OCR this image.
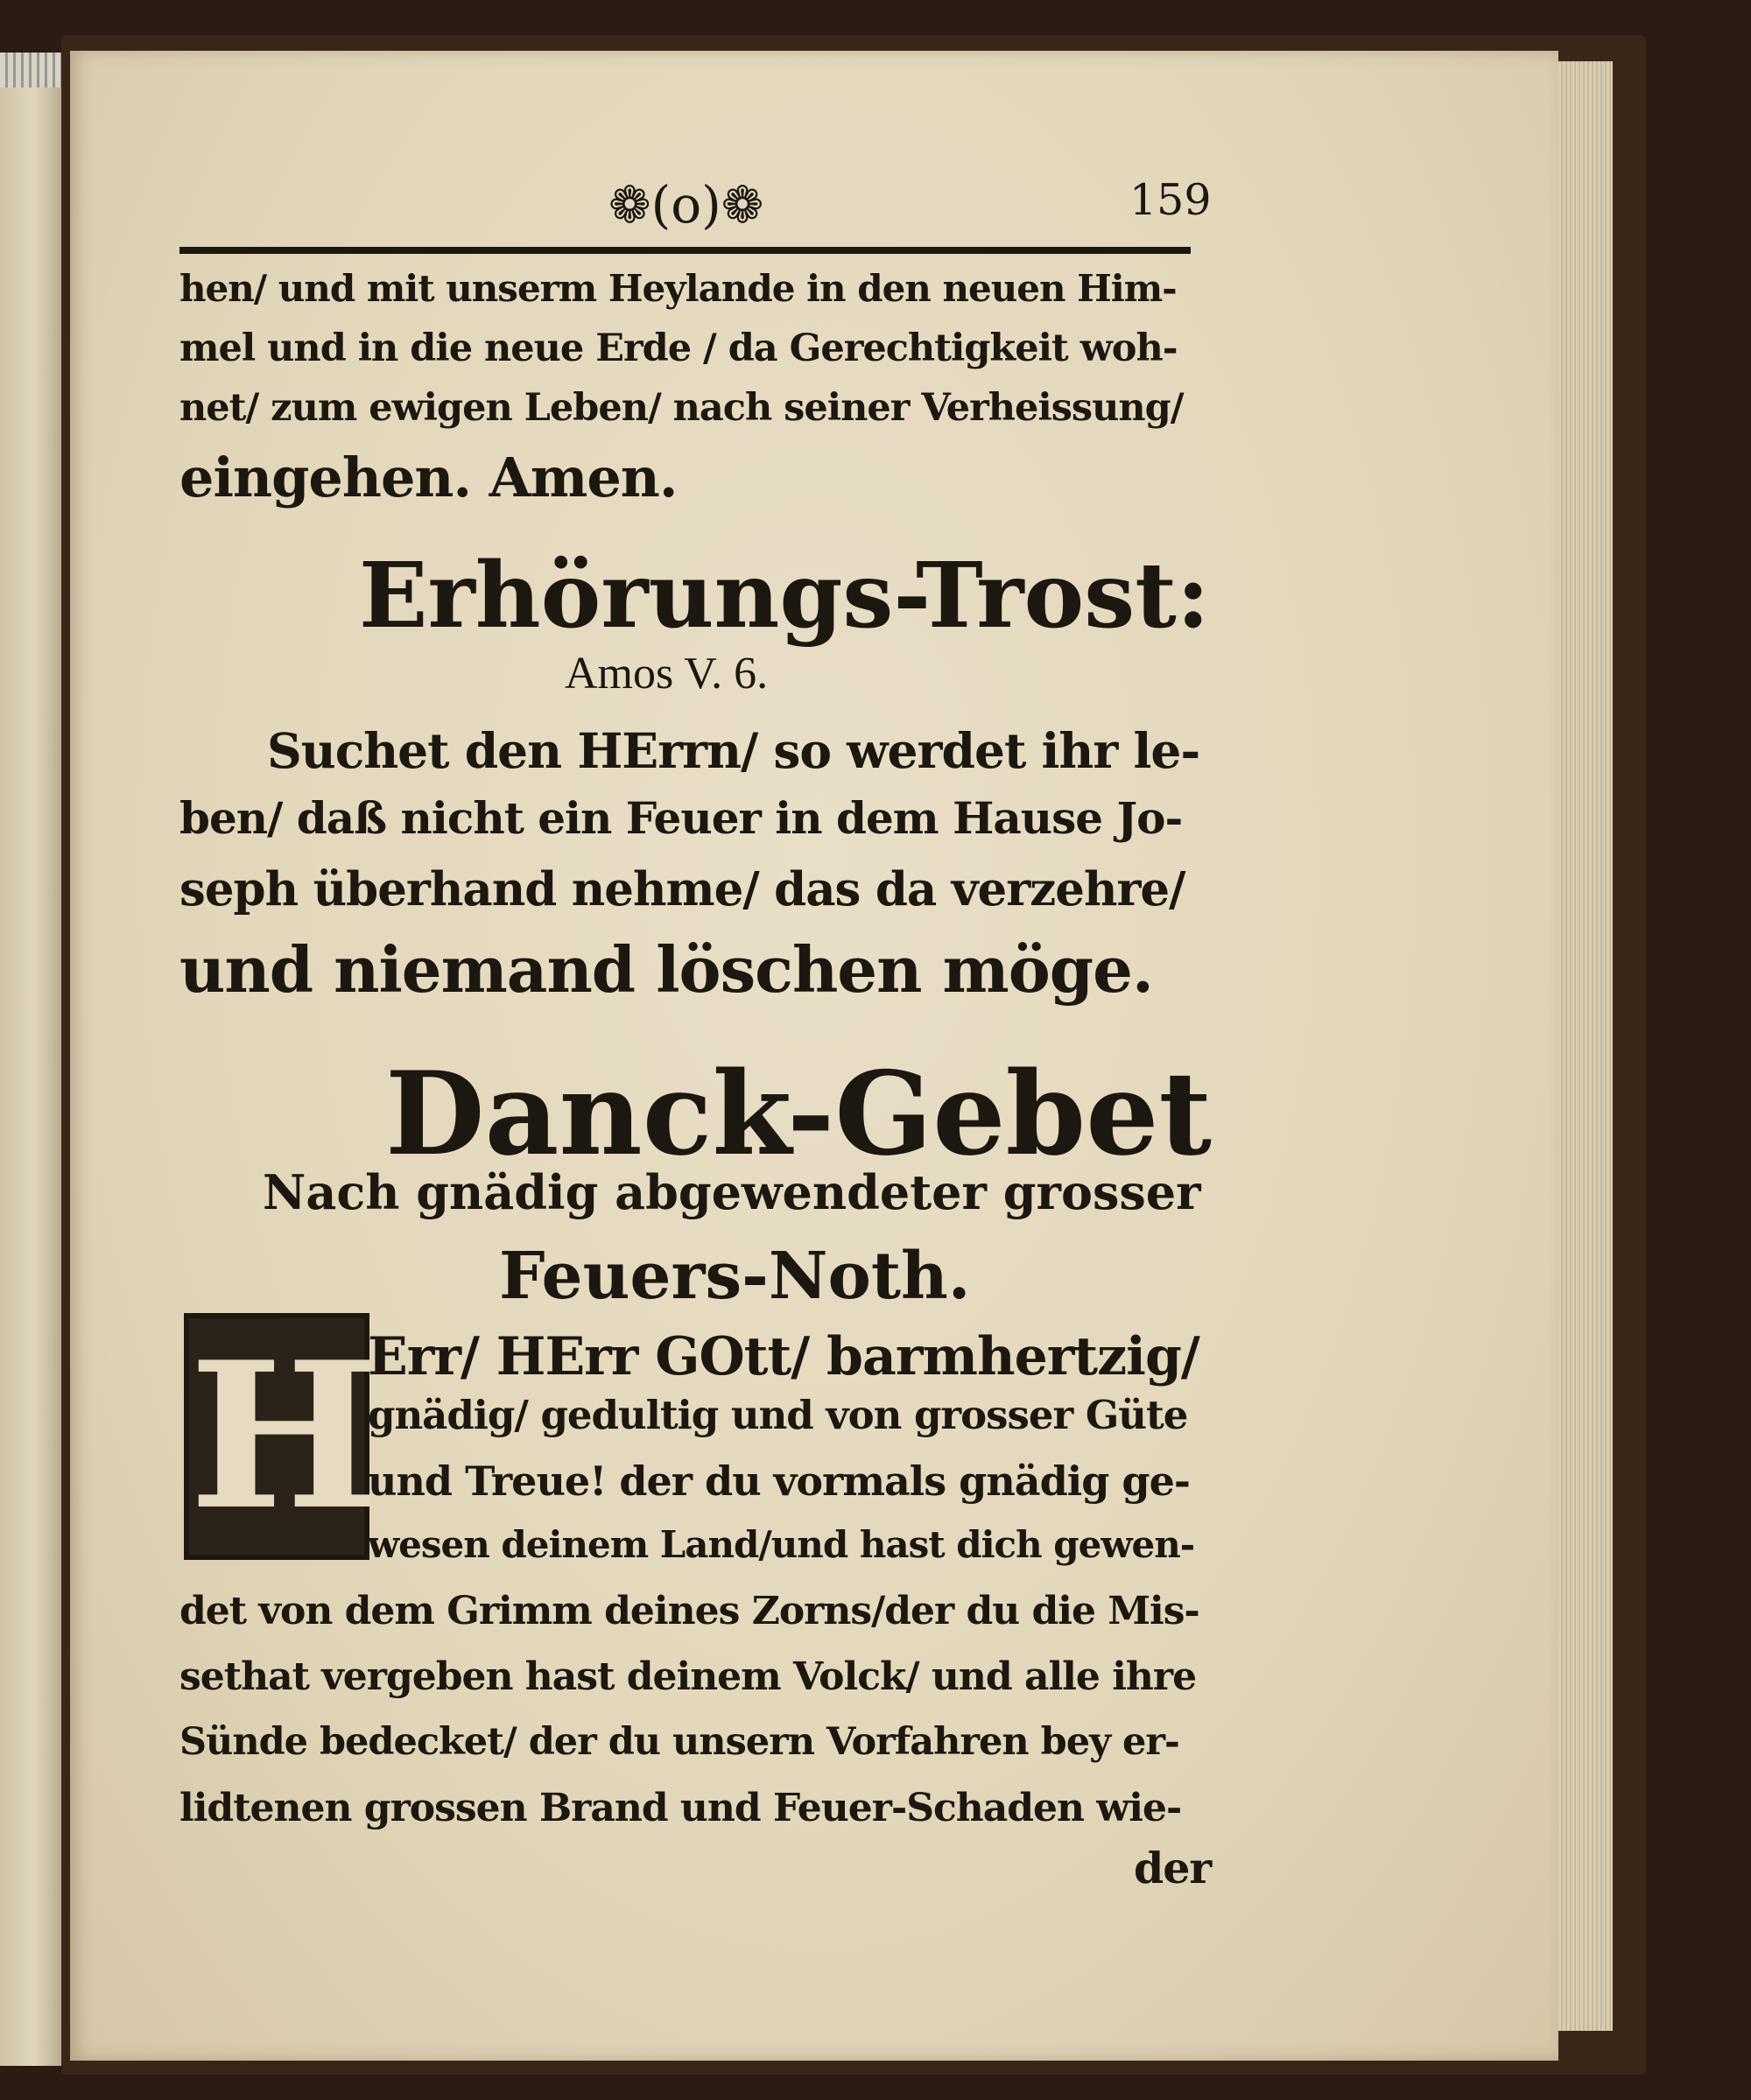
❁(o)❁	159
hen/ und mit unserm Heylande in den neuen Him-
mel und in die neue Erde / da Gerechtigkeit woh-
net/ zum ewigen Leben/ nach seiner Verheissung/
eingehen. Amen.
Erhörungs-Trost:
Amos V. 6.
Suchet den HErrn/ so werdet ihr le-
ben/ daß nicht ein Feuer in dem Hause Jo-
seph überhand nehme/ das da verzehre/
und niemand löschen möge.
Danck-Gebet
Nach gnädig abgewendeter grosser
Feuers-Noth.
H
Err/ HErr GOtt/ barmhertzig/
gnädig/ gedultig und von grosser Güte
und Treue! der du vormals gnädig ge-
wesen deinem Land/und hast dich gewen-
det von dem Grimm deines Zorns/der du die Mis-
sethat vergeben hast deinem Volck/ und alle ihre
Sünde bedecket/ der du unsern Vorfahren bey er-
lidtenen grossen Brand und Feuer-Schaden wie-
der
